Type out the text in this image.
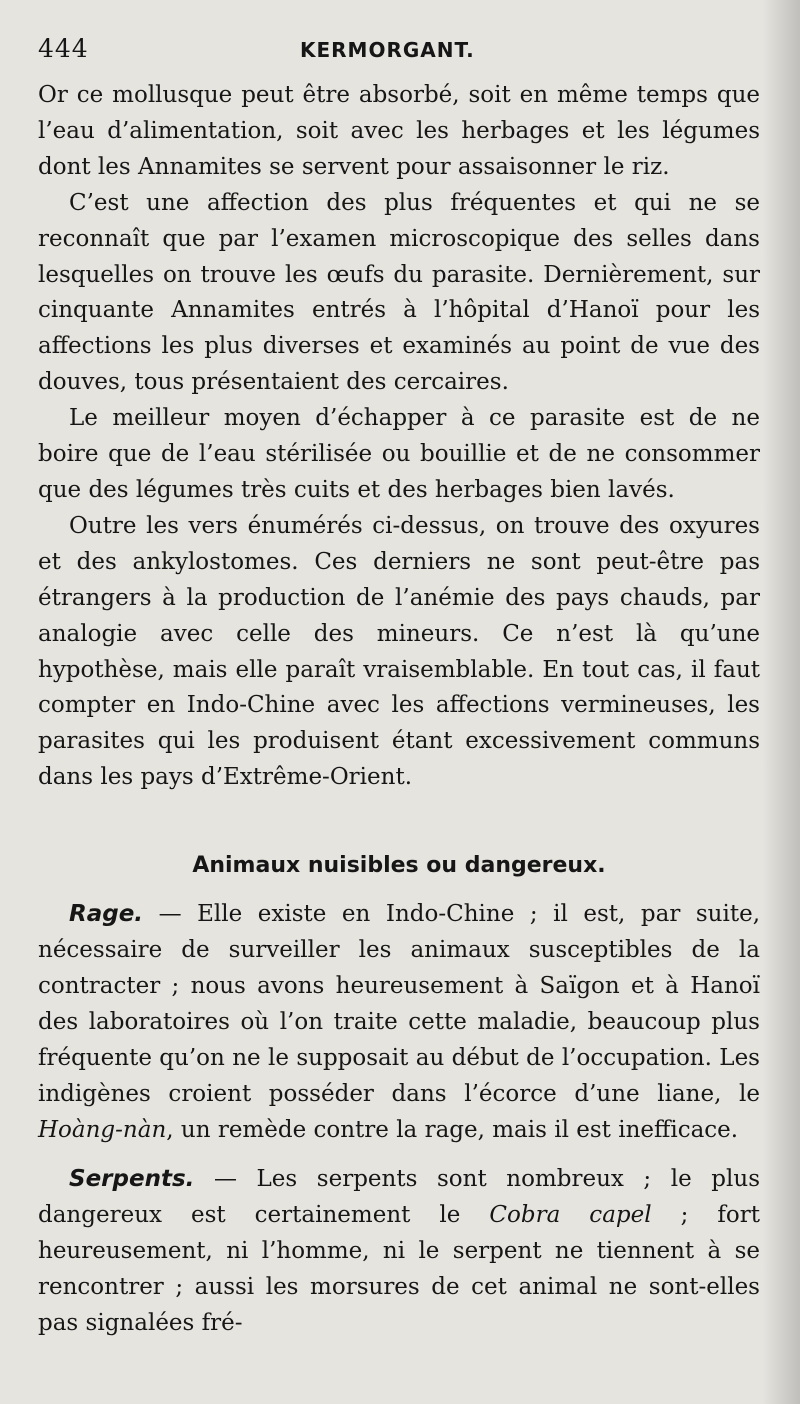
444	KERMORGANT.

Or ce mollusque peut être absorbé, soit en même temps que l’eau d’alimentation, soit avec les herbages et les légumes dont les Annamites se servent pour assaisonner le riz.

C’est une affection des plus fréquentes et qui ne se reconnaît que par l’examen microscopique des selles dans lesquelles on trouve les œufs du parasite. Dernièrement, sur cinquante Annamites entrés à l’hôpital d’Hanoï pour les affections les plus diverses et examinés au point de vue des douves, tous présentaient des cercaires.

Le meilleur moyen d’échapper à ce parasite est de ne boire que de l’eau stérilisée ou bouillie et de ne consommer que des légumes très cuits et des herbages bien lavés.

Outre les vers énumérés ci-dessus, on trouve des oxyures et des ankylostomes. Ces derniers ne sont peut-être pas étrangers à la production de l’anémie des pays chauds, par analogie avec celle des mineurs. Ce n’est là qu’une hypothèse, mais elle paraît vraisemblable. En tout cas, il faut compter en Indo-Chine avec les affections vermineuses, les parasites qui les produisent étant excessivement communs dans les pays d’Extrême-Orient.

Animaux nuisibles ou dangereux.

Rage. — Elle existe en Indo-Chine ; il est, par suite, nécessaire de surveiller les animaux susceptibles de la contracter ; nous avons heureusement à Saïgon et à Hanoï des laboratoires où l’on traite cette maladie, beaucoup plus fréquente qu’on ne le supposait au début de l’occupation. Les indigènes croient posséder dans l’écorce d’une liane, le Hoàng-nàn, un remède contre la rage, mais il est inefficace.

Serpents. — Les serpents sont nombreux ; le plus dangereux est certainement le Cobra capel ; fort heureusement, ni l’homme, ni le serpent ne tiennent à se rencontrer ; aussi les morsures de cet animal ne sont-elles pas signalées fré-
